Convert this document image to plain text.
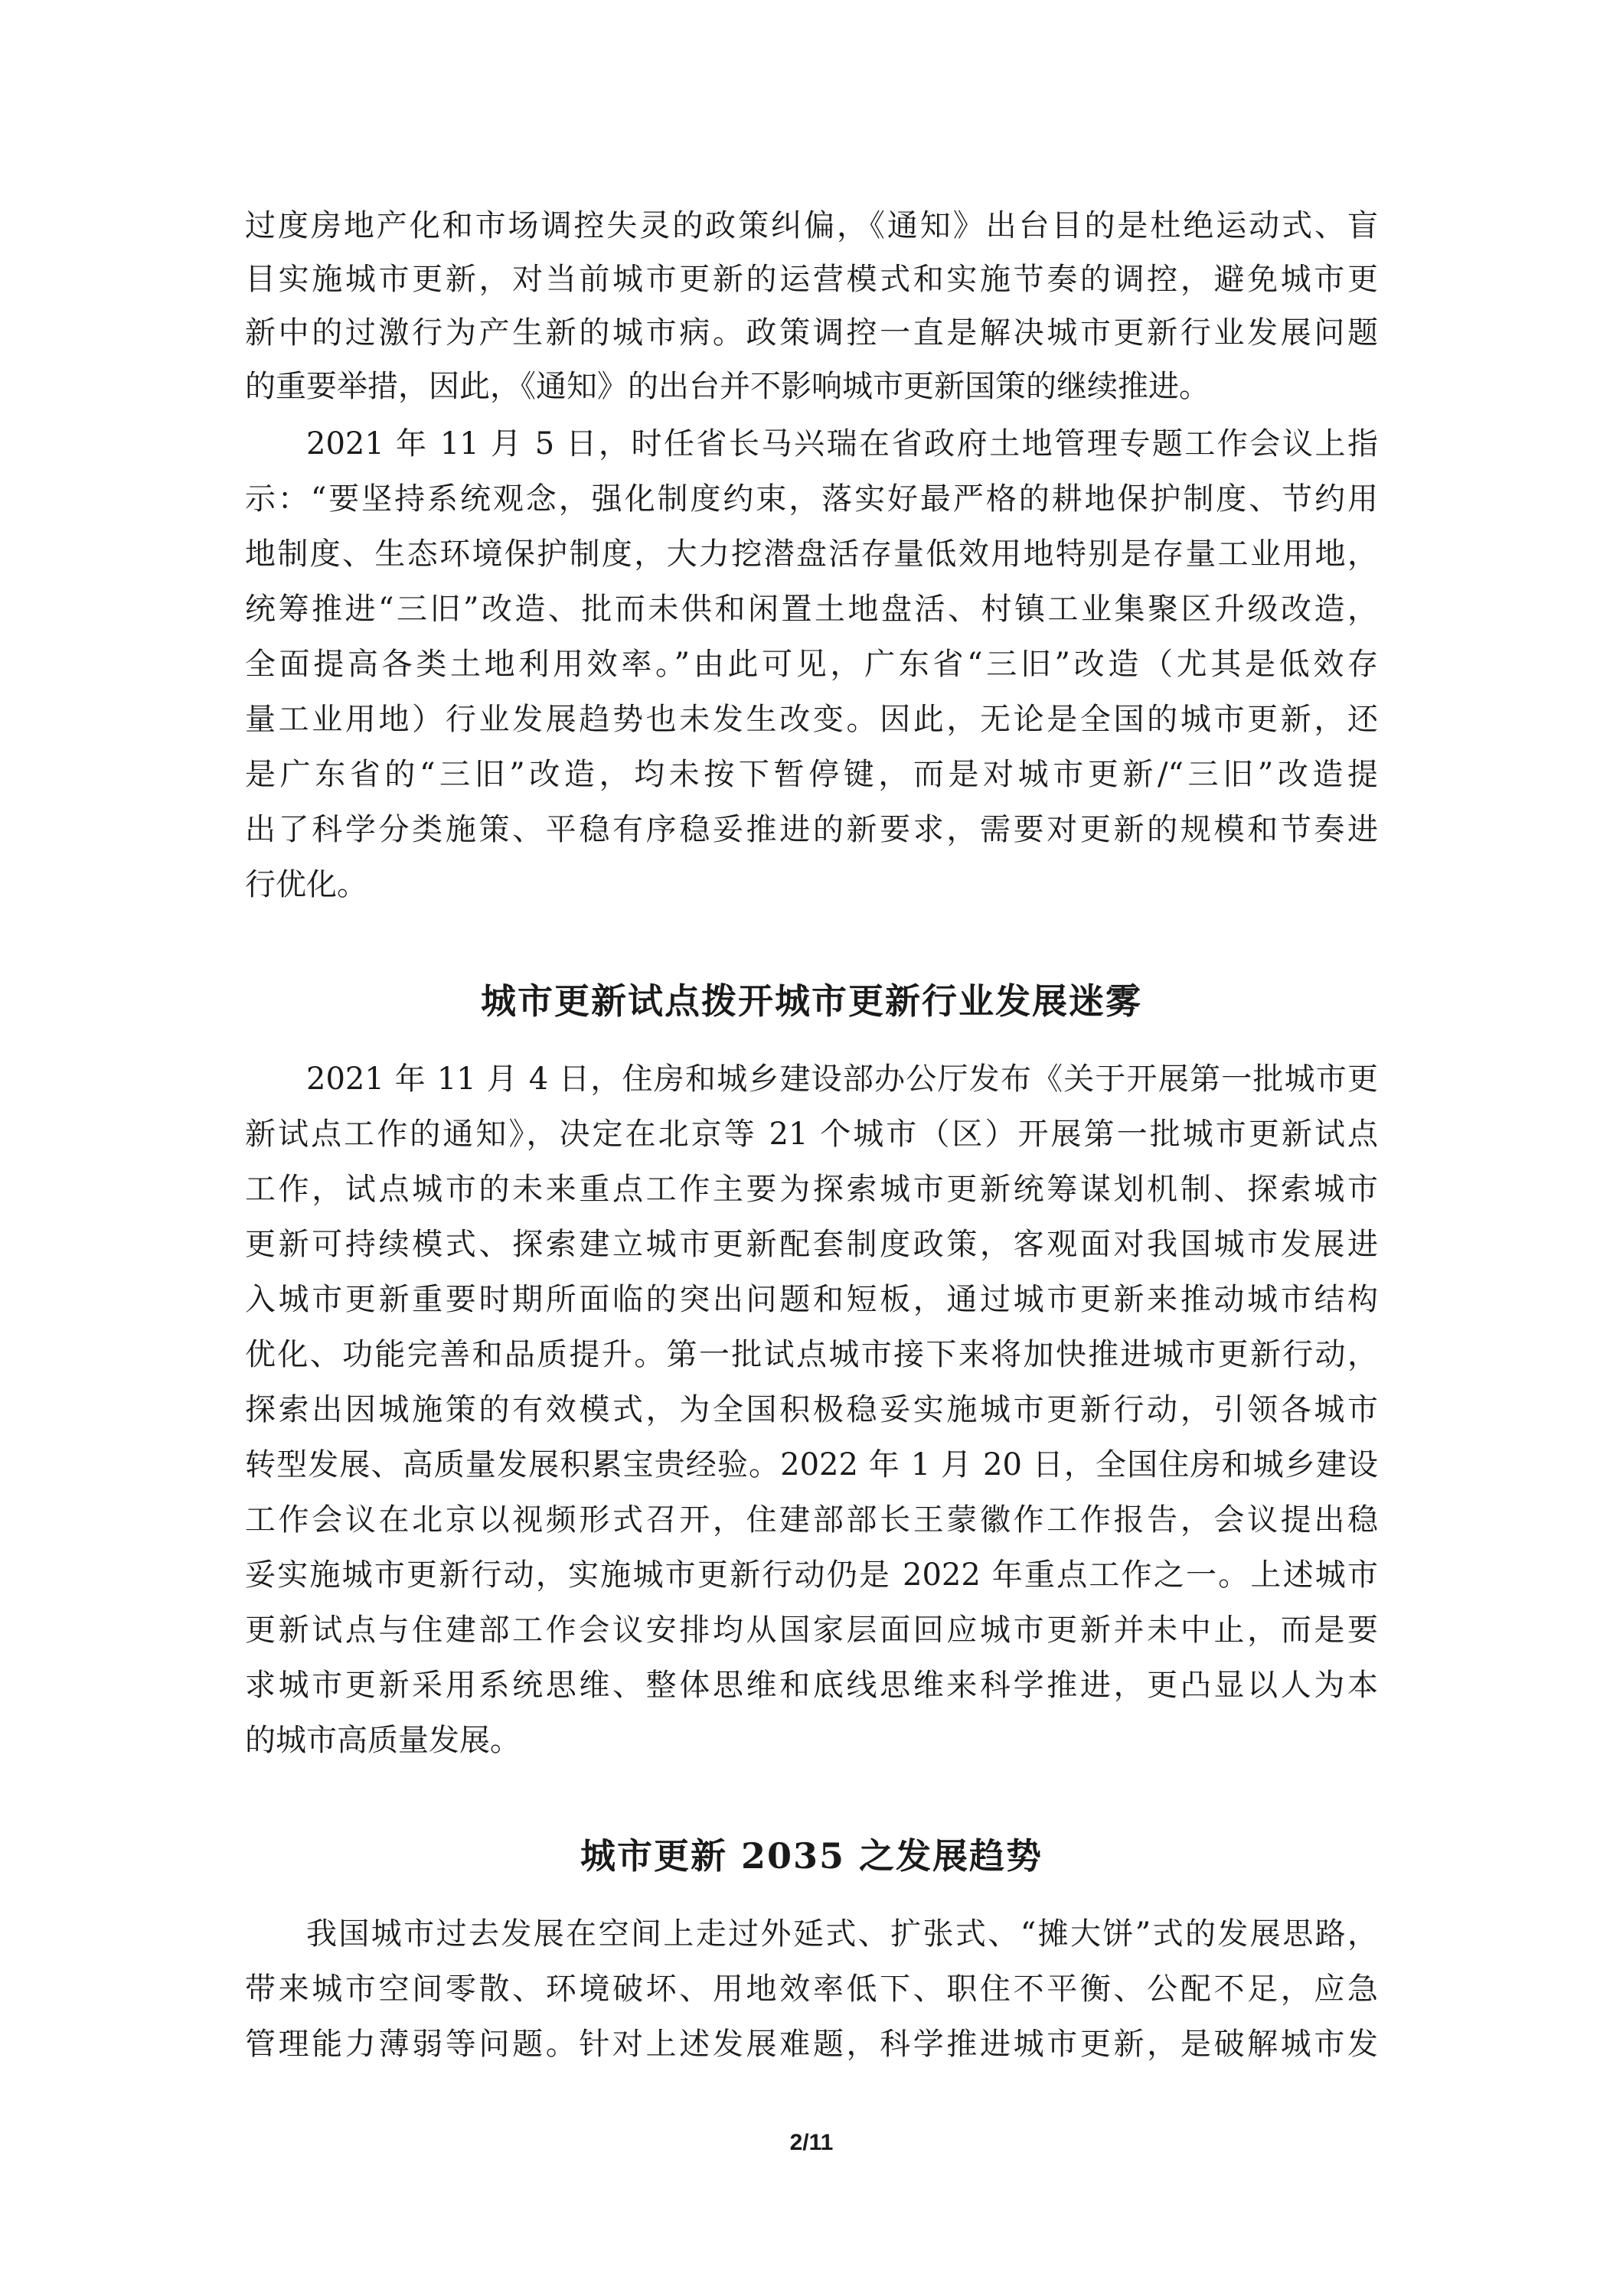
过度房地产化和市场调控失灵的政策纠偏，《通知》出台目的是杜绝运动式、盲
目实施城市更新，对当前城市更新的运营模式和实施节奏的调控，避免城市更
新中的过激行为产生新的城市病。政策调控一直是解决城市更新行业发展问题
的重要举措，因此，《通知》的出台并不影响城市更新国策的继续推进。
2021 年 11 月 5 日，时任省长马兴瑞在省政府土地管理专题工作会议上指
示：“要坚持系统观念，强化制度约束，落实好最严格的耕地保护制度、节约用
地制度、生态环境保护制度，大力挖潜盘活存量低效用地特别是存量工业用地，
统筹推进“三旧”改造、批而未供和闲置土地盘活、村镇工业集聚区升级改造，
全面提高各类土地利用效率。”由此可见，广东省“三旧”改造（尤其是低效存
量工业用地）行业发展趋势也未发生改变。因此，无论是全国的城市更新，还
是广东省的“三旧”改造，均未按下暂停键，而是对城市更新/“三旧”改造提
出了科学分类施策、平稳有序稳妥推进的新要求，需要对更新的规模和节奏进
行优化。
城市更新试点拨开城市更新行业发展迷雾
2021 年 11 月 4 日，住房和城乡建设部办公厅发布《关于开展第一批城市更
新试点工作的通知》，决定在北京等 21 个城市（区）开展第一批城市更新试点
工作，试点城市的未来重点工作主要为探索城市更新统筹谋划机制、探索城市
更新可持续模式、探索建立城市更新配套制度政策，客观面对我国城市发展进
入城市更新重要时期所面临的突出问题和短板，通过城市更新来推动城市结构
优化、功能完善和品质提升。第一批试点城市接下来将加快推进城市更新行动，
探索出因城施策的有效模式，为全国积极稳妥实施城市更新行动，引领各城市
转型发展、高质量发展积累宝贵经验。2022 年 1 月 20 日，全国住房和城乡建设
工作会议在北京以视频形式召开，住建部部长王蒙徽作工作报告，会议提出稳
妥实施城市更新行动，实施城市更新行动仍是 2022 年重点工作之一。上述城市
更新试点与住建部工作会议安排均从国家层面回应城市更新并未中止，而是要
求城市更新采用系统思维、整体思维和底线思维来科学推进，更凸显以人为本
的城市高质量发展。
城市更新 2035 之发展趋势
我国城市过去发展在空间上走过外延式、扩张式、“摊大饼”式的发展思路，
带来城市空间零散、环境破坏、用地效率低下、职住不平衡、公配不足，应急
管理能力薄弱等问题。针对上述发展难题，科学推进城市更新，是破解城市发
2/11
